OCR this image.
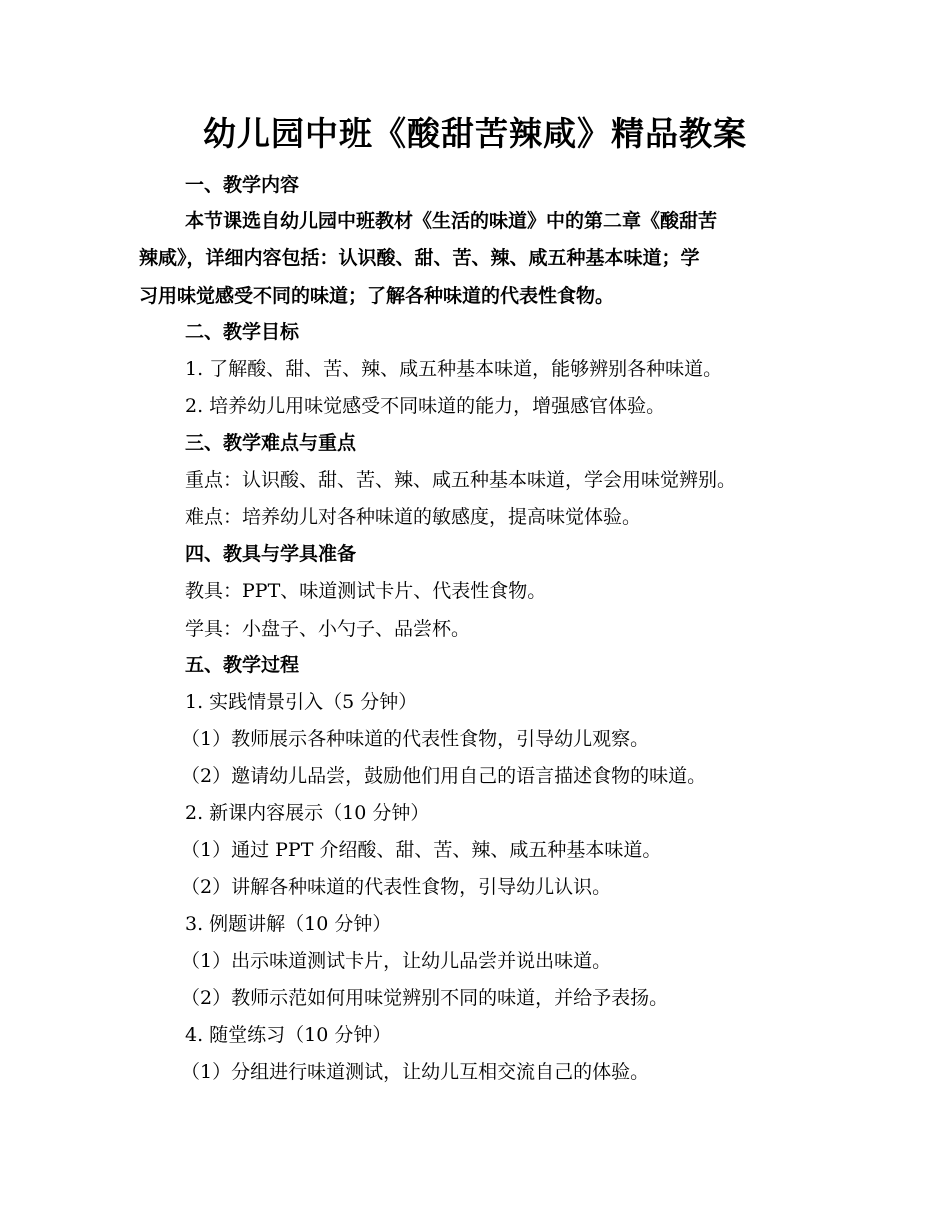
幼儿园中班《酸甜苦辣咸》精品教案
一、教学内容
本节课选自幼儿园中班教材《生活的味道》中的第二章《酸甜苦
辣咸》，详细内容包括：认识酸、甜、苦、辣、咸五种基本味道；学
习用味觉感受不同的味道；了解各种味道的代表性食物。
二、教学目标
1. 了解酸、甜、苦、辣、咸五种基本味道，能够辨别各种味道。
2. 培养幼儿用味觉感受不同味道的能力，增强感官体验。
三、教学难点与重点
重点：认识酸、甜、苦、辣、咸五种基本味道，学会用味觉辨别。
难点：培养幼儿对各种味道的敏感度，提高味觉体验。
四、教具与学具准备
教具：PPT、味道测试卡片、代表性食物。
学具：小盘子、小勺子、品尝杯。
五、教学过程
1. 实践情景引入（5 分钟）
（1）教师展示各种味道的代表性食物，引导幼儿观察。
（2）邀请幼儿品尝，鼓励他们用自己的语言描述食物的味道。
2. 新课内容展示（10 分钟）
（1）通过 PPT 介绍酸、甜、苦、辣、咸五种基本味道。
（2）讲解各种味道的代表性食物，引导幼儿认识。
3. 例题讲解（10 分钟）
（1）出示味道测试卡片，让幼儿品尝并说出味道。
（2）教师示范如何用味觉辨别不同的味道，并给予表扬。
4. 随堂练习（10 分钟）
（1）分组进行味道测试，让幼儿互相交流自己的体验。
